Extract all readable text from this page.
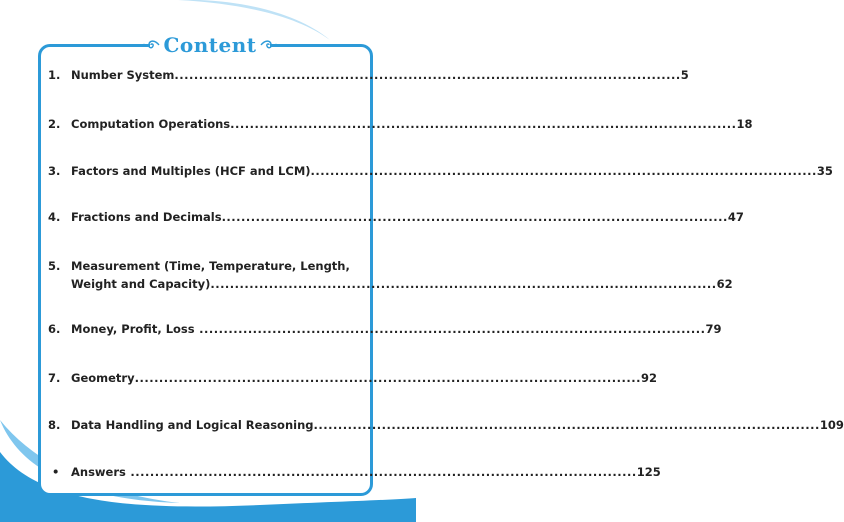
Content
1. Number System ........................................................................................................ 5
2. Computation Operations ........................................................................................................ 18
3. Factors and Multiples (HCF and LCM) ........................................................................................................ 35
4. Fractions and Decimals ........................................................................................................ 47
5. Measurement (Time, Temperature, Length,
Weight and Capacity) ........................................................................................................ 62
6. Money, Profit, Loss ........................................................................................................ 79
7. Geometry ........................................................................................................ 92
8. Data Handling and Logical Reasoning ........................................................................................................ 109
• Answers ........................................................................................................ 125
